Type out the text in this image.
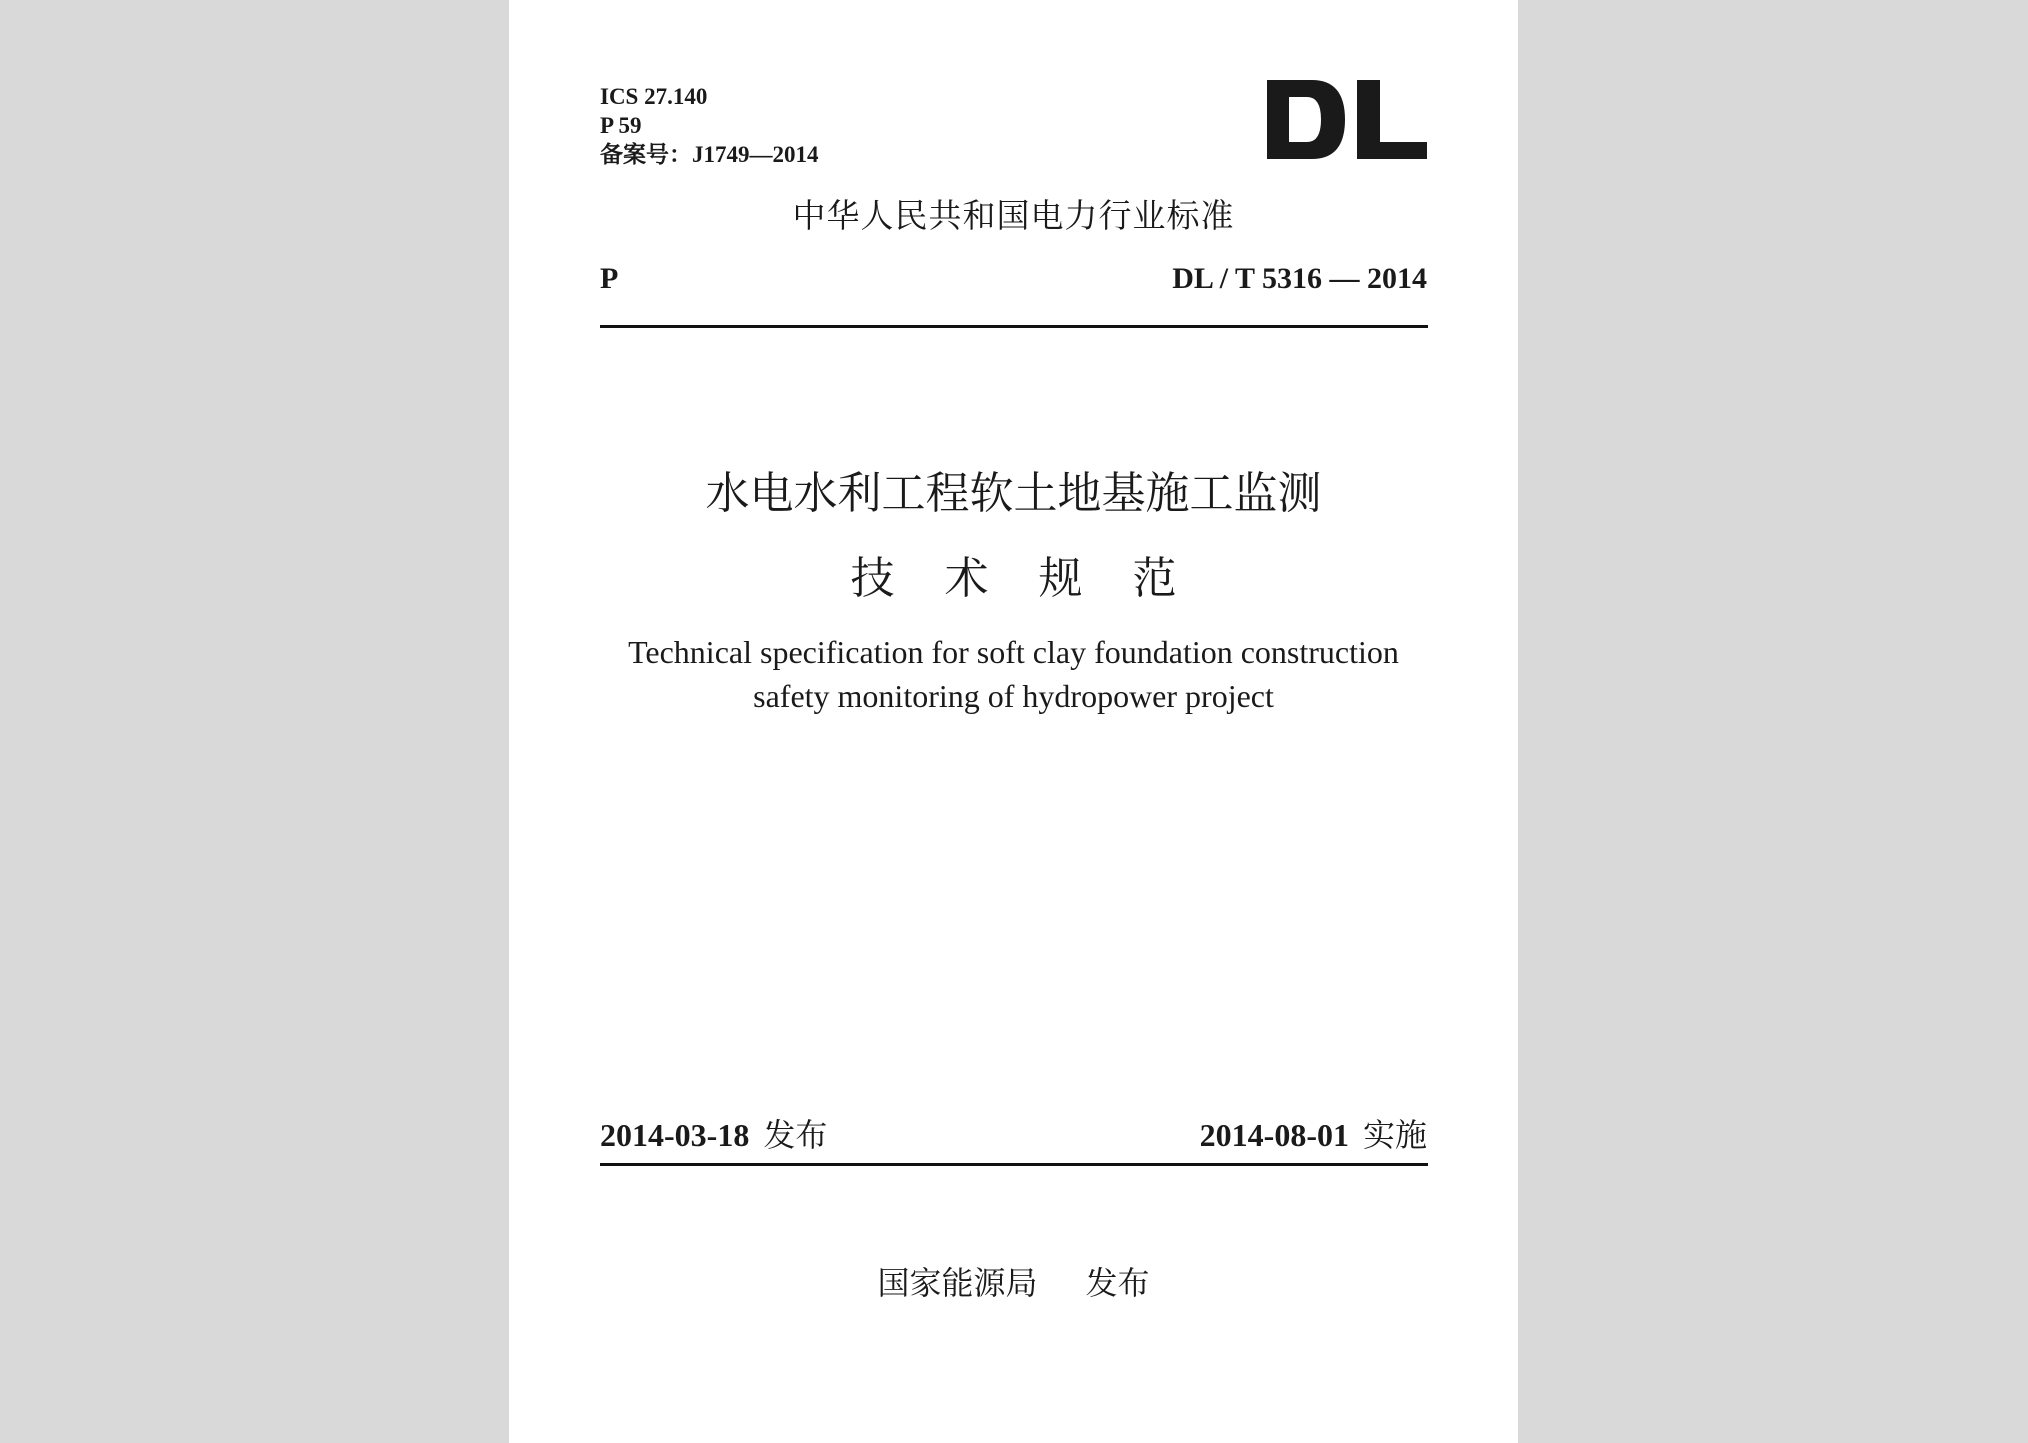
ICS 27.140
P 59
备案号：J1749—2014
中华人民共和国电力行业标准
P	DL / T 5316 — 2014
水电水利工程软土地基施工监测
技术规范
Technical specification for soft clay foundation construction
safety monitoring of hydropower project
2014-03-18 发布	2014-08-01 实施
国家能源局 发布
